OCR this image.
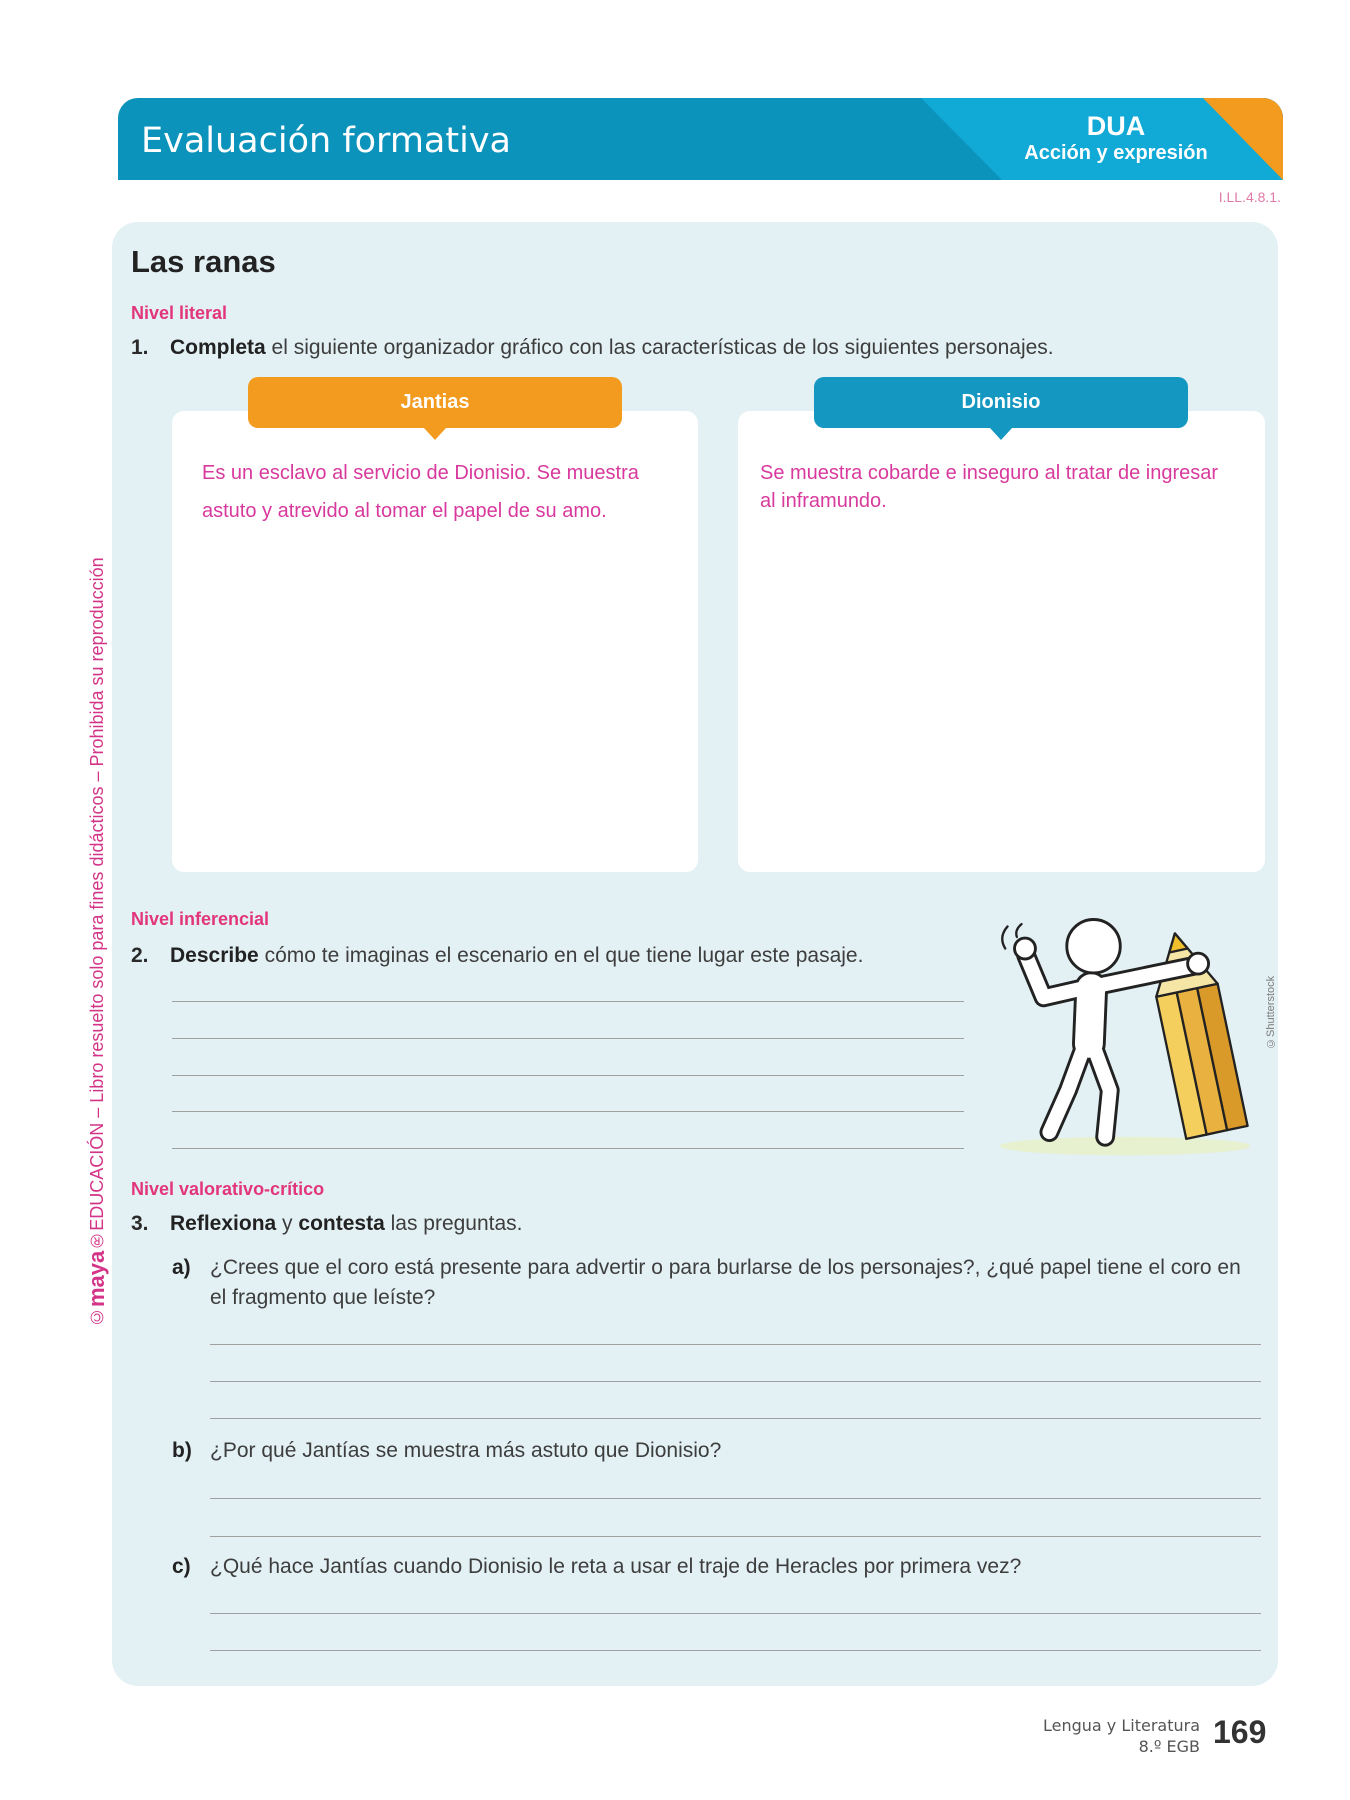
Evaluación formativa	DUA
Acción y expresión
I.LL.4.8.1.
©maya®EDUCACIÓN – Libro resuelto solo para fines didácticos – Prohibida su reproducción
Las ranas
Nivel literal
1. Completa el siguiente organizador gráfico con las características de los siguientes personajes.

Es un esclavo al servicio de Dionisio. Se muestra astuto y atrevido al tomar el papel de su amo.

Se muestra cobarde e inseguro al tratar de ingresar al inframundo.

Jantias	Dionisio
Nivel inferencial
2. Describe cómo te imaginas el escenario en el que tiene lugar este pasaje.
©Shutterstock
Nivel valorativo-crítico
3. Reflexiona y contesta las preguntas.
a) ¿Crees que el coro está presente para advertir o para burlarse de los personajes?, ¿qué papel tiene el coro en el fragmento que leíste?
b) ¿Por qué Jantías se muestra más astuto que Dionisio?
c) ¿Qué hace Jantías cuando Dionisio le reta a usar el traje de Heracles por primera vez?
Lengua y Literatura
8.º EGB 169
